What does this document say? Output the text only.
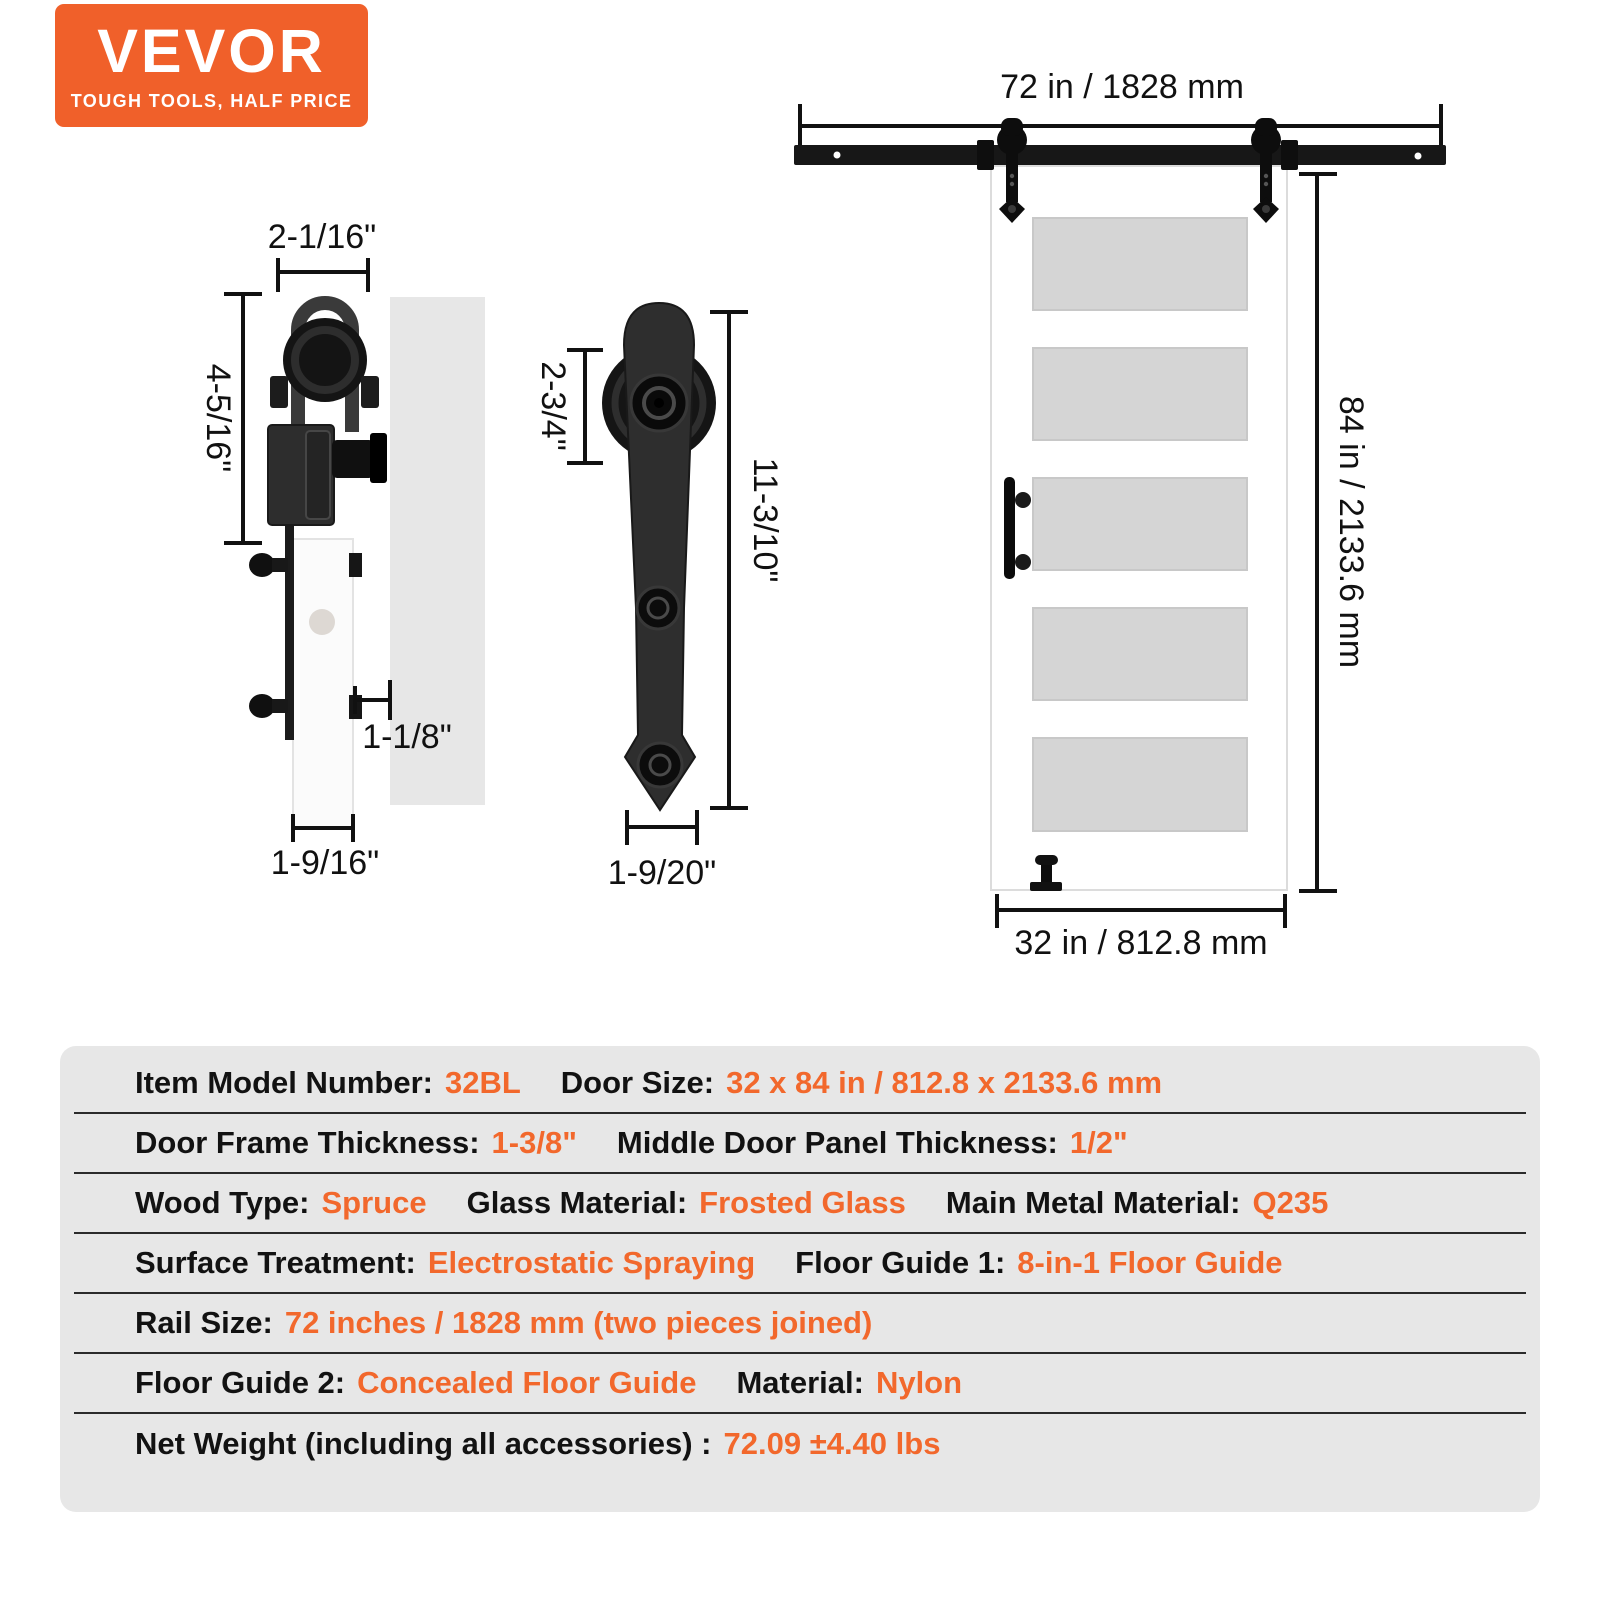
VEVOR
TOUGH TOOLS, HALF PRICE
2-1/16"
4-5/16"
1-1/8"
1-9/16"
2-3/4"
11-3/10"
1-9/20"
72 in / 1828 mm
84 in / 2133.6 mm
32 in / 812.8 mm
Item Model Number: 32BL Door Size: 32 x 84 in / 812.8 x 2133.6 mm
Door Frame Thickness: 1-3/8" Middle Door Panel Thickness: 1/2"
Wood Type: Spruce Glass Material: Frosted Glass Main Metal Material: Q235
Surface Treatment: Electrostatic Spraying Floor Guide 1: 8-in-1 Floor Guide
Rail Size: 72 inches / 1828 mm (two pieces joined)
Floor Guide 2: Concealed Floor Guide Material: Nylon
Net Weight (including all accessories) : 72.09 ±4.40 lbs
